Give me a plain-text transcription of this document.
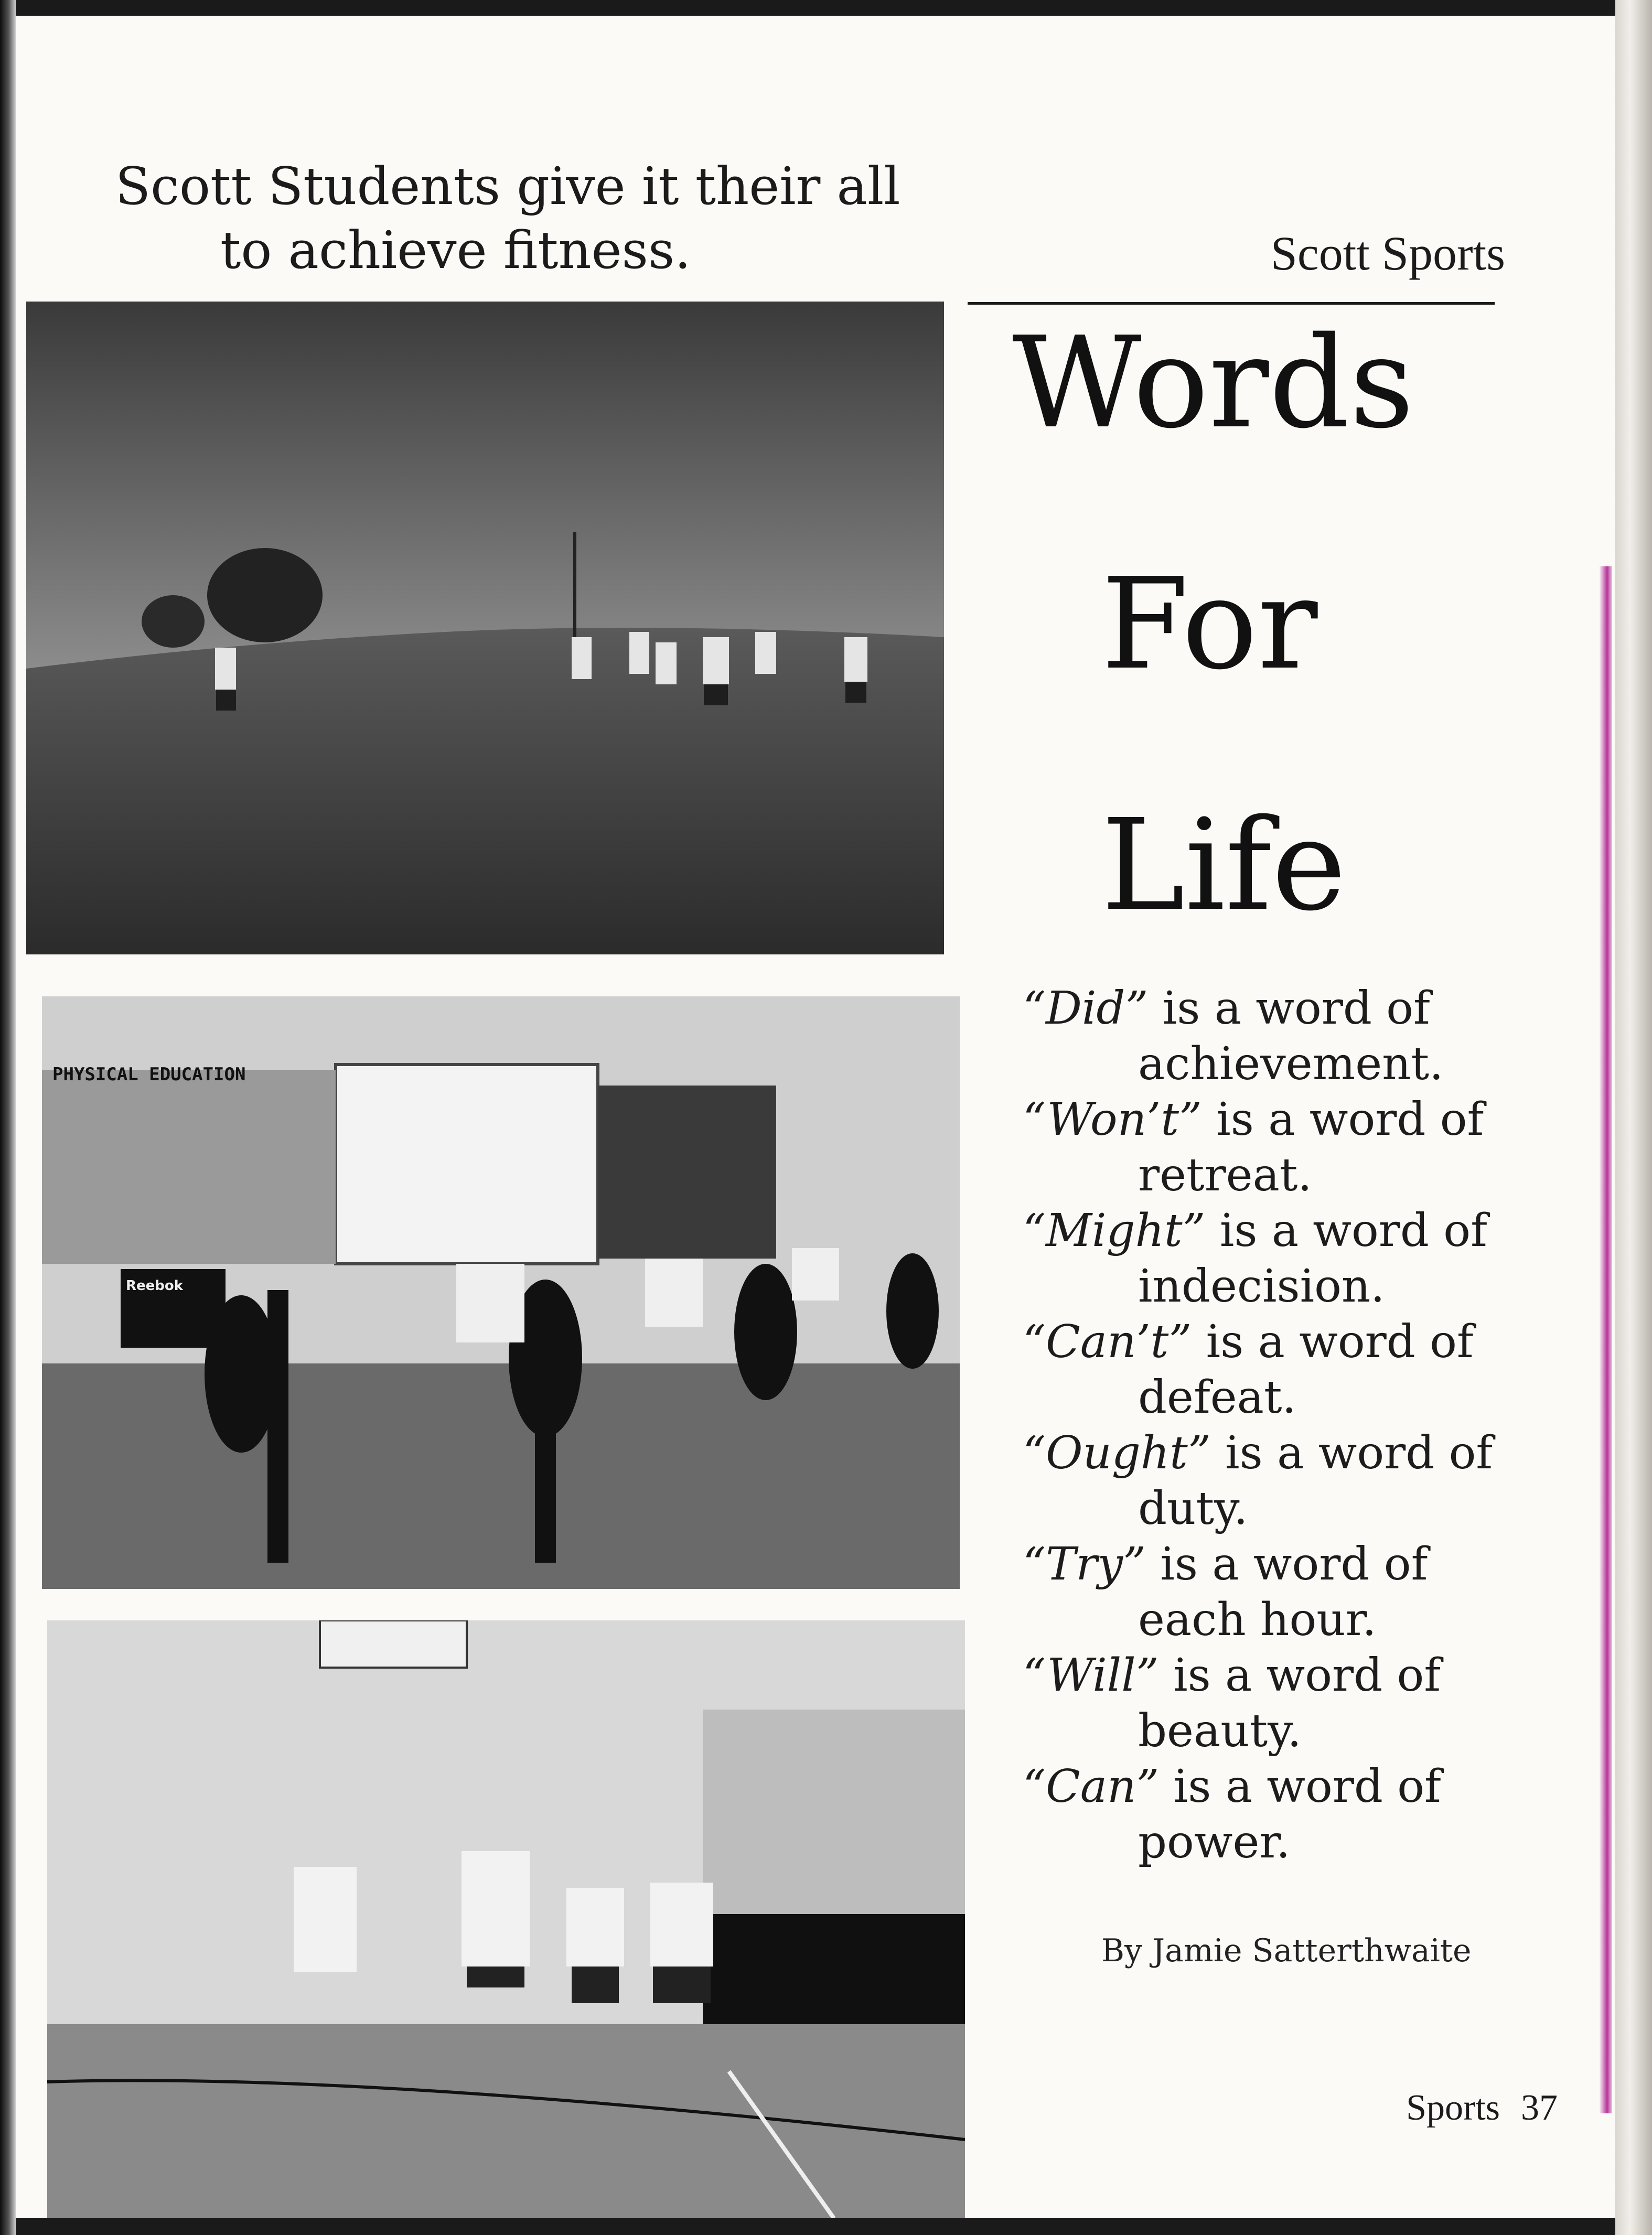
Scott Students give it their all
to achieve fitness.	Scott Sports
Words
For
Life
PHYSICAL EDUCATION
Reebok
“Did” is a word of
achievement.
“Won’t” is a word of
retreat.
“Might” is a word of
indecision.
“Can’t” is a word of
defeat.
“Ought” is a word of
duty.
“Try” is a word of
each hour.
“Will” is a word of
beauty.
“Can” is a word of
power.
By Jamie Satterthwaite
Sports 37
